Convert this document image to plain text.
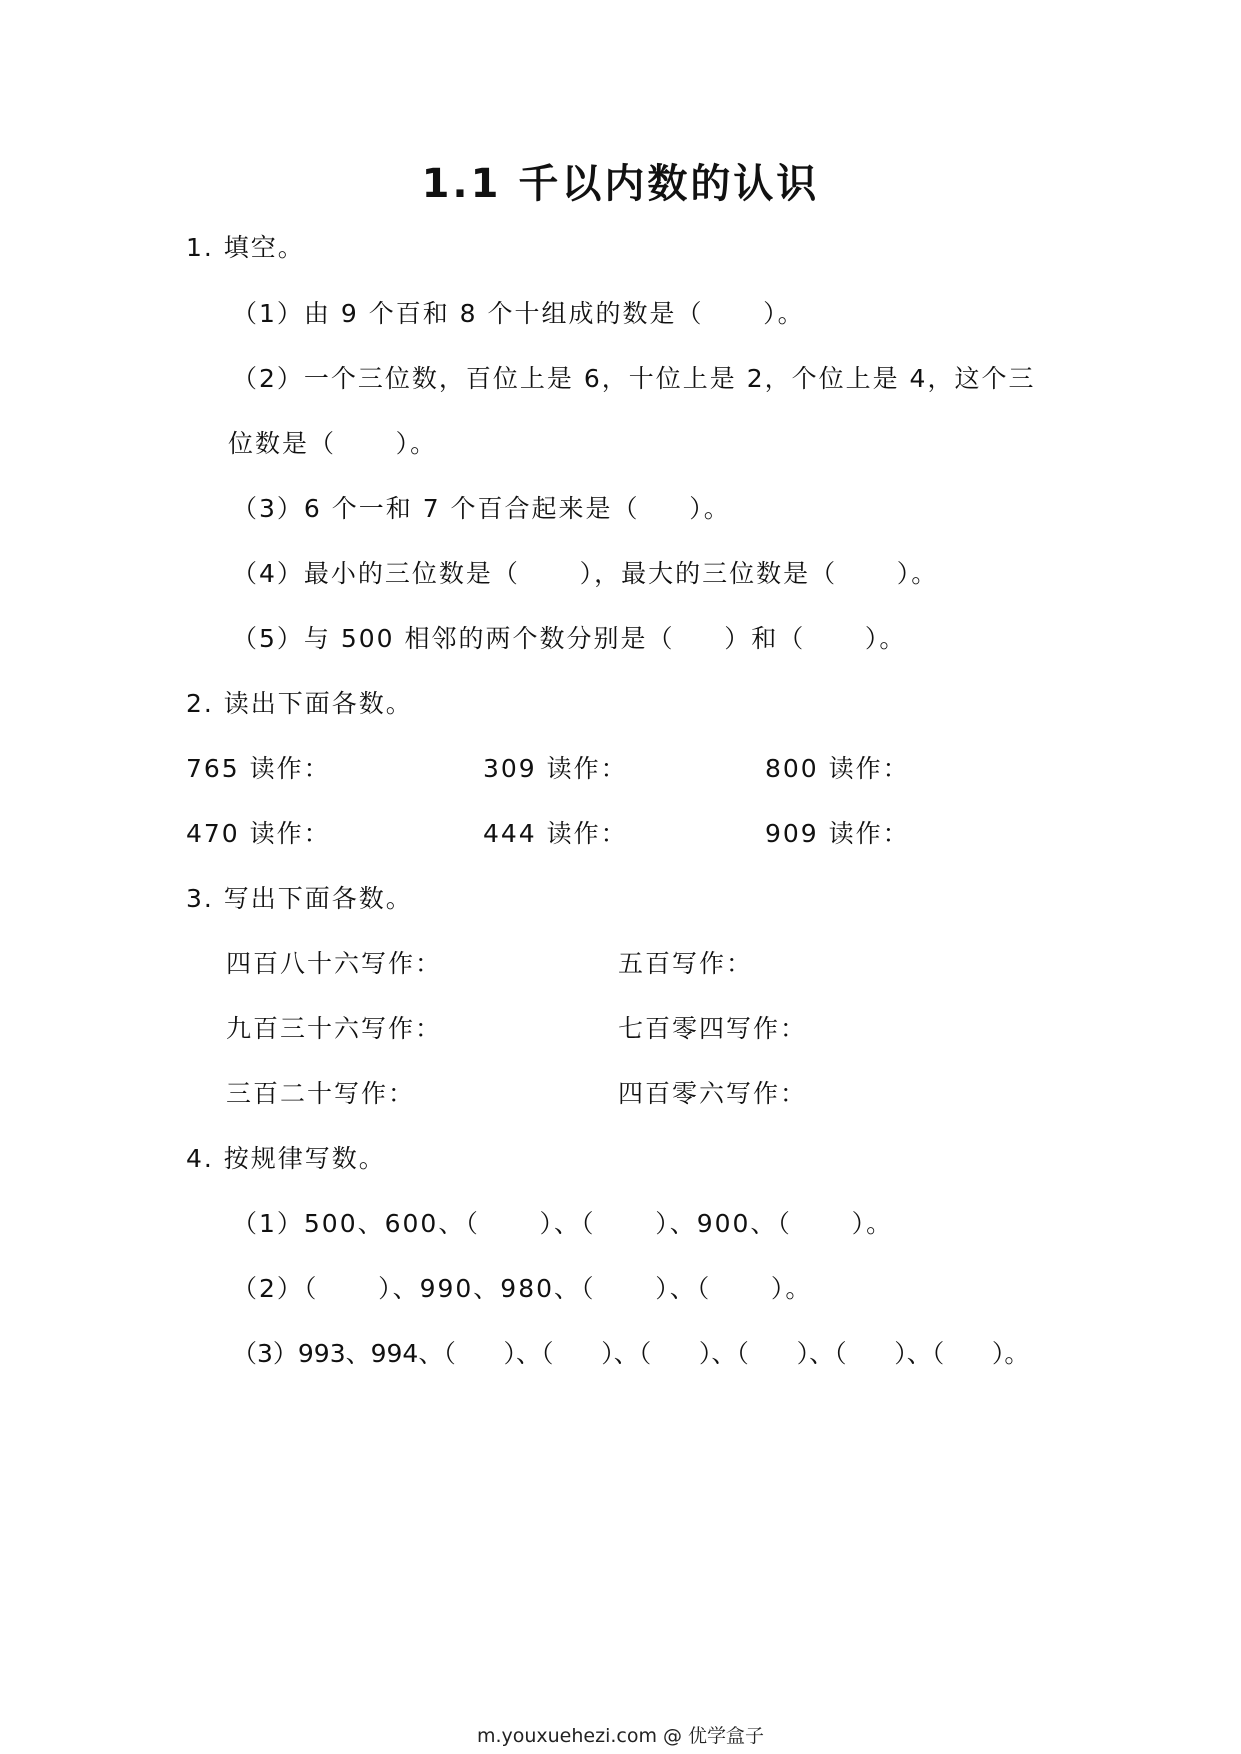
1.1 千以内数的认识
1. 填空。
（1）由 9 个百和 8 个十组成的数是（      ）。
（2）一个三位数，百位上是 6，十位上是 2，个位上是 4，这个三
位数是（      ）。
（3）6 个一和 7 个百合起来是（     ）。
（4）最小的三位数是（      ），最大的三位数是（      ）。
（5）与 500 相邻的两个数分别是（     ）和（      ）。
2. 读出下面各数。
765 读作：	309 读作：	800 读作：
470 读作：	444 读作：	909 读作：
3. 写出下面各数。
四百八十六写作：	五百写作：
九百三十六写作：	七百零四写作：
三百二十写作：	四百零六写作：
4. 按规律写数。
（1）500、600、（      ）、（      ）、900、（      ）。
（2）（      ）、990、980、（      ）、（      ）。
（3）993、994、（      ）、（      ）、（      ）、（      ）、（      ）、（      ）。
m.youxuehezi.com @ 优学盒子
